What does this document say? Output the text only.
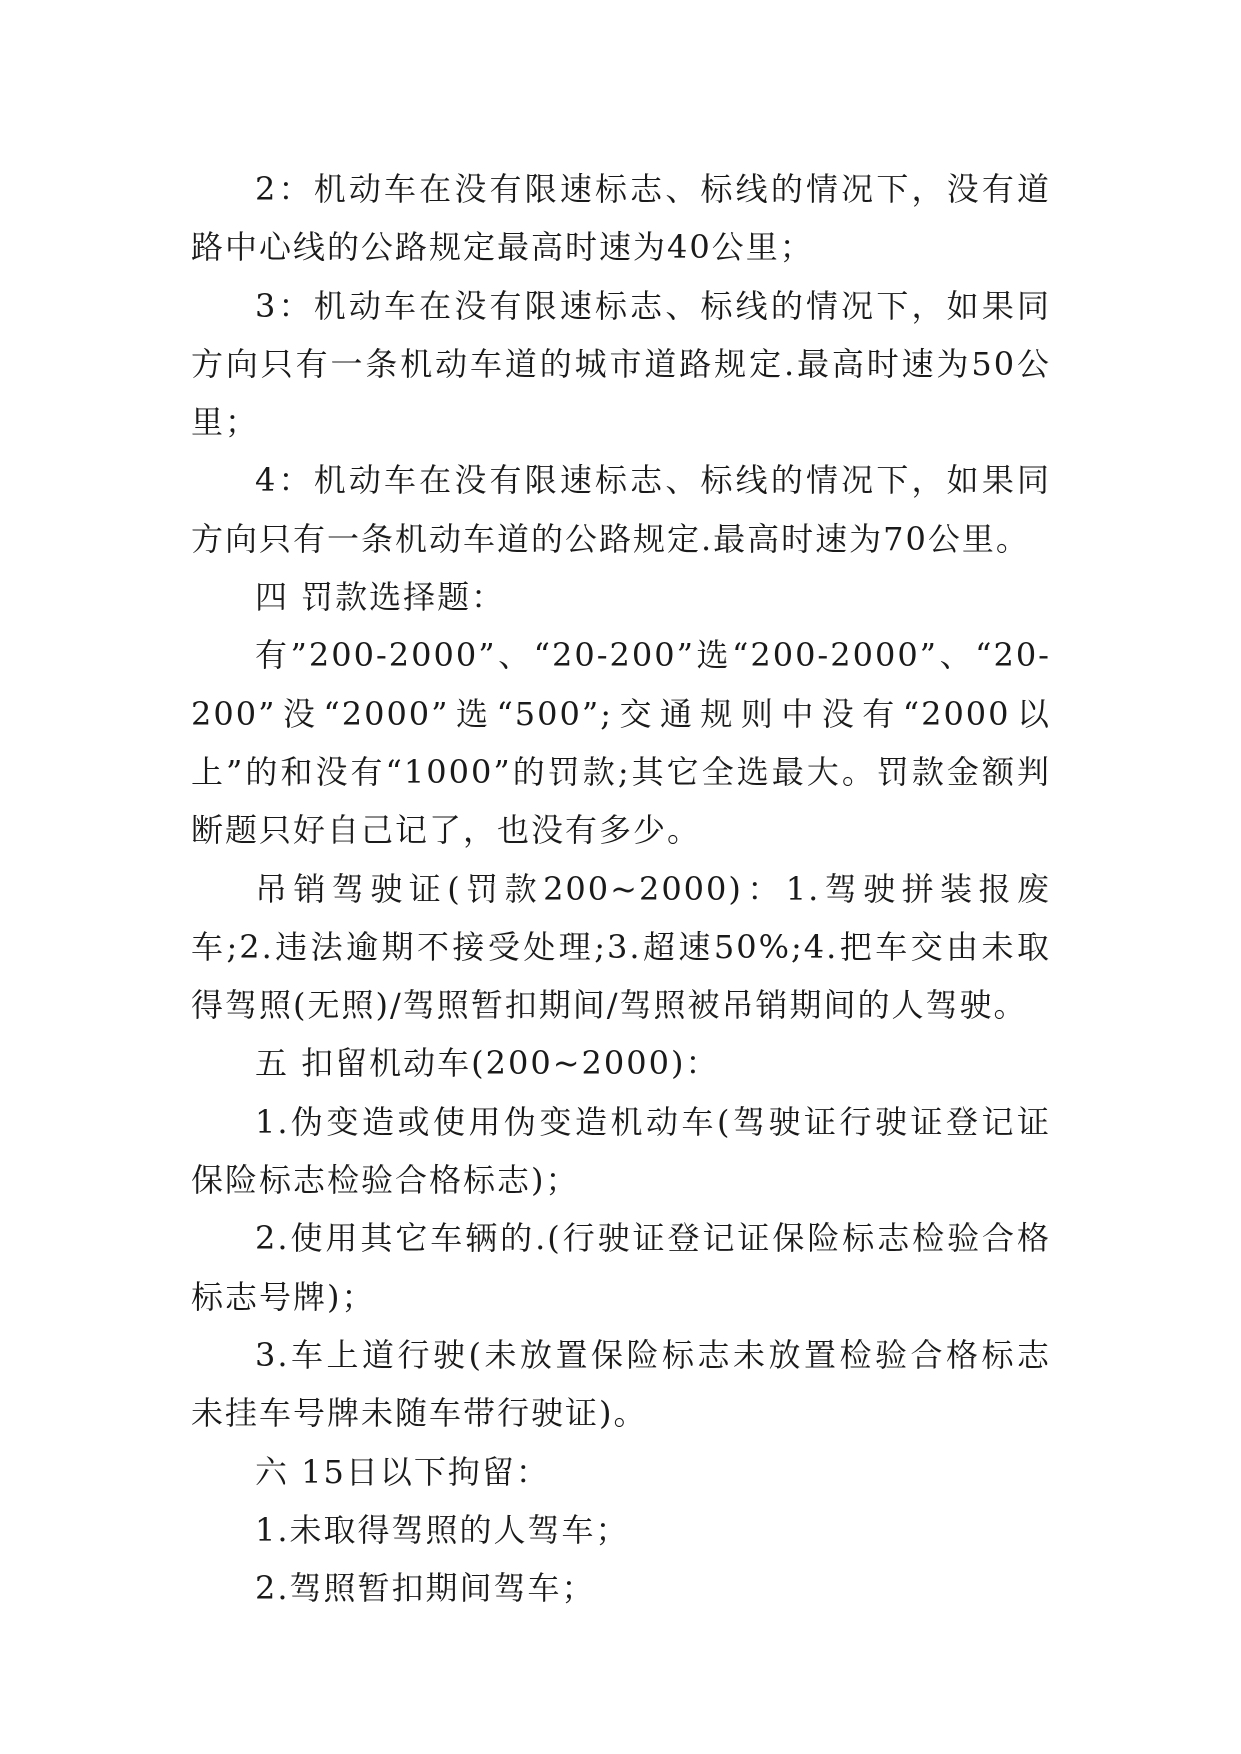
2：机动车在没有限速标志、标线的情况下，没有道路中心线的公路规定最高时速为40公里；

3：机动车在没有限速标志、标线的情况下，如果同方向只有一条机动车道的城市道路规定.最高时速为50公里；

4：机动车在没有限速标志、标线的情况下，如果同方向只有一条机动车道的公路规定.最高时速为70公里。

四 罚款选择题：

有”200-2000”、“20-200”选“200-2000”、“20-200”没“2000”选“500”;交通规则中没有“2000以上”的和没有“1000”的罚款;其它全选最大。罚款金额判断题只好自己记了，也没有多少。

吊销驾驶证(罚款200~2000)：1.驾驶拼装报废车;2.违法逾期不接受处理;3.超速50%;4.把车交由未取得驾照(无照)/驾照暂扣期间/驾照被吊销期间的人驾驶。

五 扣留机动车(200~2000)：

1.伪变造或使用伪变造机动车(驾驶证行驶证登记证保险标志检验合格标志)；

2.使用其它车辆的.(行驶证登记证保险标志检验合格标志号牌)；

3.车上道行驶(未放置保险标志未放置检验合格标志未挂车号牌未随车带行驶证)。

六 15日以下拘留：

1.未取得驾照的人驾车；

2.驾照暂扣期间驾车；
